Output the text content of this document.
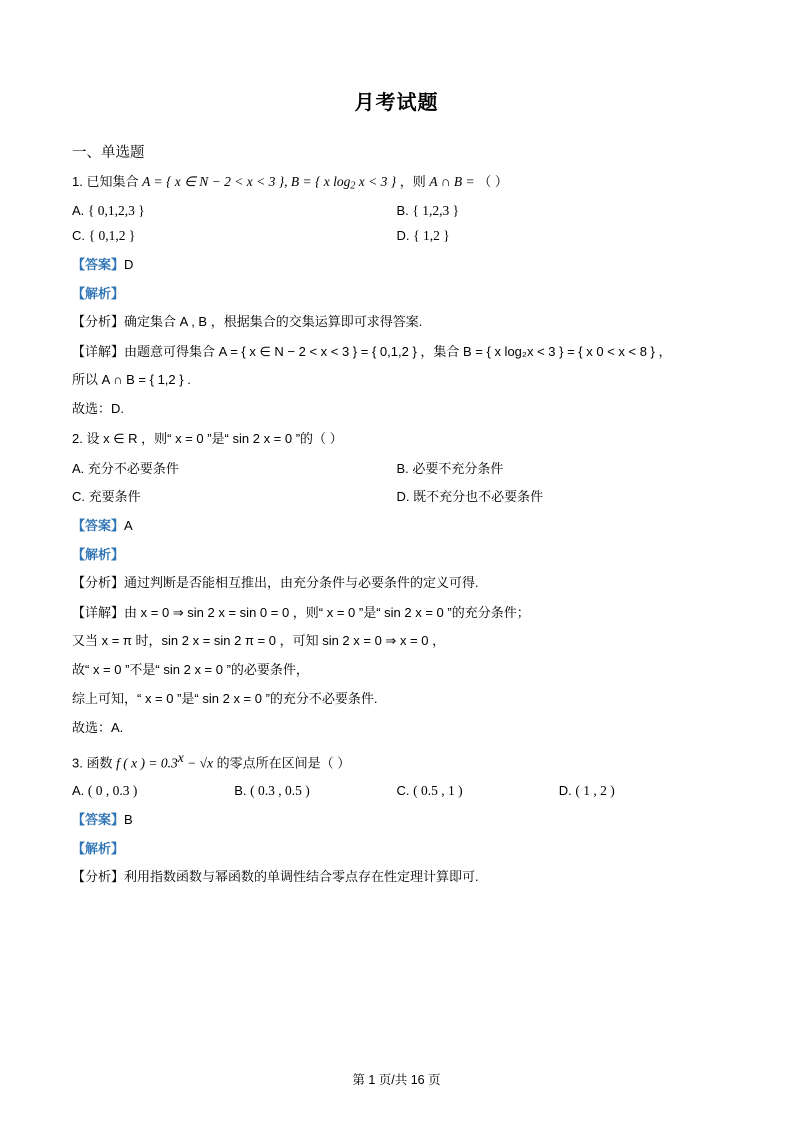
月考试题
一、单选题
1. 已知集合 A = { x ∈ N − 2 < x < 3 }, B = { x log2 x < 3 } ，则 A ∩ B = （ ）
A. { 0,1,2,3 }	B. { 1,2,3 }
C. { 0,1,2 }	D. { 1,2 }
【答案】D
【解析】
【分析】确定集合 A , B ，根据集合的交集运算即可求得答案.
【详解】由题意可得集合 A = { x ∈ N − 2 < x < 3 } = { 0,1,2 } ，集合 B = { x log₂x < 3 } = { x 0 < x < 8 } ，
所以 A ∩ B = { 1,2 } .
故选：D.
2. 设 x ∈ R ，则“ x = 0 ”是“ sin 2 x = 0 ”的（ ）
A. 充分不必要条件	B. 必要不充分条件
C. 充要条件	D. 既不充分也不必要条件
【答案】A
【解析】
【分析】通过判断是否能相互推出，由充分条件与必要条件的定义可得.
【详解】由 x = 0 ⇒ sin 2 x = sin 0 = 0 ，则“ x = 0 ”是“ sin 2 x = 0 ”的充分条件；
又当 x = π 时，sin 2 x = sin 2 π = 0 ，可知 sin 2 x = 0 ⇒ x = 0 ，
故“ x = 0 ”不是“ sin 2 x = 0 ”的必要条件，
综上可知，“ x = 0 ”是“ sin 2 x = 0 ”的充分不必要条件.
故选：A.
3. 函数 f ( x ) = $0.3^x - √x$ 的零点所在区间是（ ）
A. ( 0 , 0.3 )	B. ( 0.3 , 0.5 )	C. ( 0.5 , 1 )	D. ( 1 , 2 )
【答案】B
【解析】
【分析】利用指数函数与幂函数的单调性结合零点存在性定理计算即可.
第 1 页/共 16 页
